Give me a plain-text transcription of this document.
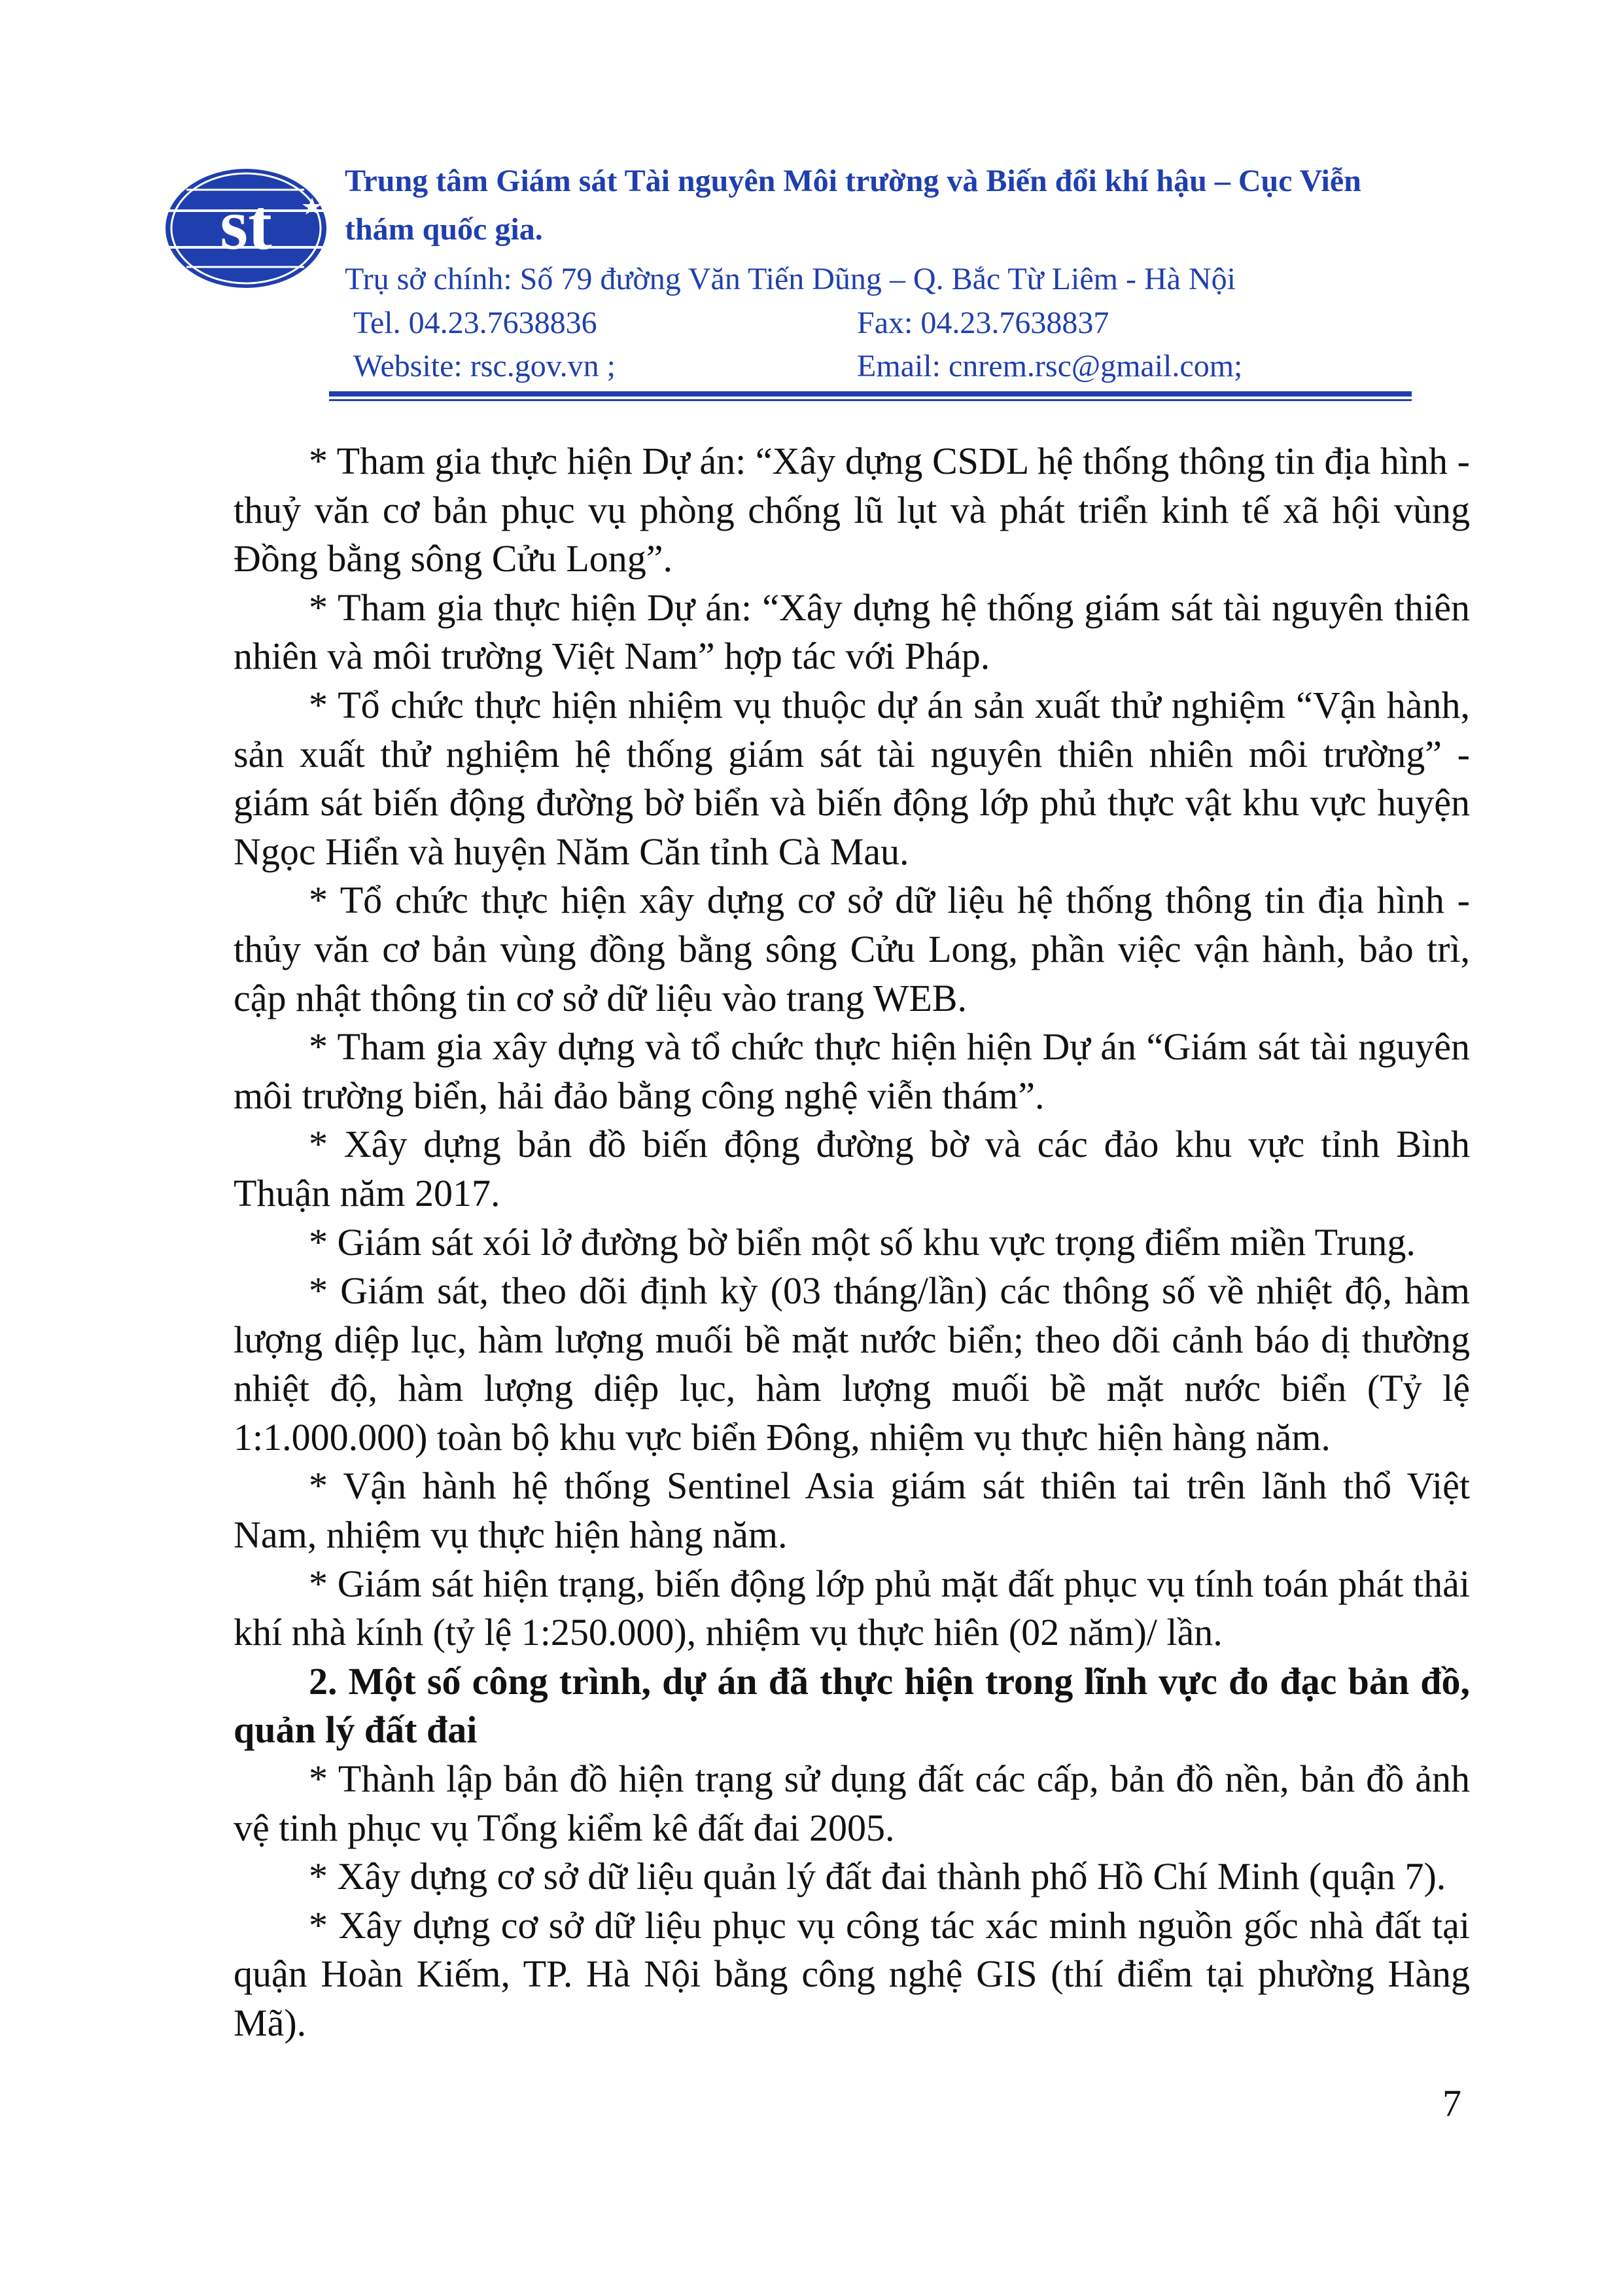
st

Trung tâm Giám sát Tài nguyên Môi trường và Biến đổi khí hậu – Cục Viễn thám quốc gia.

Trụ sở chính: Số 79 đường Văn Tiến Dũng – Q. Bắc Từ Liêm - Hà Nội

Tel. 04.23.7638836	Fax: 04.23.7638837
Website: rsc.gov.vn ;	Email: cnrem.rsc@gmail.com;

* Tham gia thực hiện Dự án: “Xây dựng CSDL hệ thống thông tin địa hình - thuỷ văn cơ bản phục vụ phòng chống lũ lụt và phát triển kinh tế xã hội vùng Đồng bằng sông Cửu Long”.

* Tham gia thực hiện Dự án: “Xây dựng hệ thống giám sát tài nguyên thiên nhiên và môi trường Việt Nam” hợp tác với Pháp.

* Tổ chức thực hiện nhiệm vụ thuộc dự án sản xuất thử nghiệm “Vận hành, sản xuất thử nghiệm hệ thống giám sát tài nguyên thiên nhiên môi trường” - giám sát biến động đường bờ biển và biến động lớp phủ thực vật khu vực huyện Ngọc Hiển và huyện Năm Căn tỉnh Cà Mau.

* Tổ chức thực hiện xây dựng cơ sở dữ liệu hệ thống thông tin địa hình - thủy văn cơ bản vùng đồng bằng sông Cửu Long, phần việc vận hành, bảo trì, cập nhật thông tin cơ sở dữ liệu vào trang WEB.

* Tham gia xây dựng và tổ chức thực hiện hiện Dự án “Giám sát tài nguyên môi trường biển, hải đảo bằng công nghệ viễn thám”.

* Xây dựng bản đồ biến động đường bờ và các đảo khu vực tỉnh Bình Thuận năm 2017.

* Giám sát xói lở đường bờ biển một số khu vực trọng điểm miền Trung.

* Giám sát, theo dõi định kỳ (03 tháng/lần) các thông số về nhiệt độ, hàm lượng diệp lục, hàm lượng muối bề mặt nước biển; theo dõi cảnh báo dị thường nhiệt độ, hàm lượng diệp lục, hàm lượng muối bề mặt nước biển (Tỷ lệ 1:1.000.000) toàn bộ khu vực biển Đông, nhiệm vụ thực hiện hàng năm.

* Vận hành hệ thống Sentinel Asia giám sát thiên tai trên lãnh thổ Việt Nam, nhiệm vụ thực hiện hàng năm.

* Giám sát hiện trạng, biến động lớp phủ mặt đất phục vụ tính toán phát thải khí nhà kính (tỷ lệ 1:250.000), nhiệm vụ thực hiên (02 năm)/ lần.

2. Một số công trình, dự án đã thực hiện trong lĩnh vực đo đạc bản đồ, quản lý đất đai

* Thành lập bản đồ hiện trạng sử dụng đất các cấp, bản đồ nền, bản đồ ảnh vệ tinh phục vụ Tổng kiểm kê đất đai 2005.

* Xây dựng cơ sở dữ liệu quản lý đất đai thành phố Hồ Chí Minh (quận 7).

* Xây dựng cơ sở dữ liệu phục vụ công tác xác minh nguồn gốc nhà đất tại quận Hoàn Kiếm, TP. Hà Nội bằng công nghệ GIS (thí điểm tại phường Hàng Mã).

7
